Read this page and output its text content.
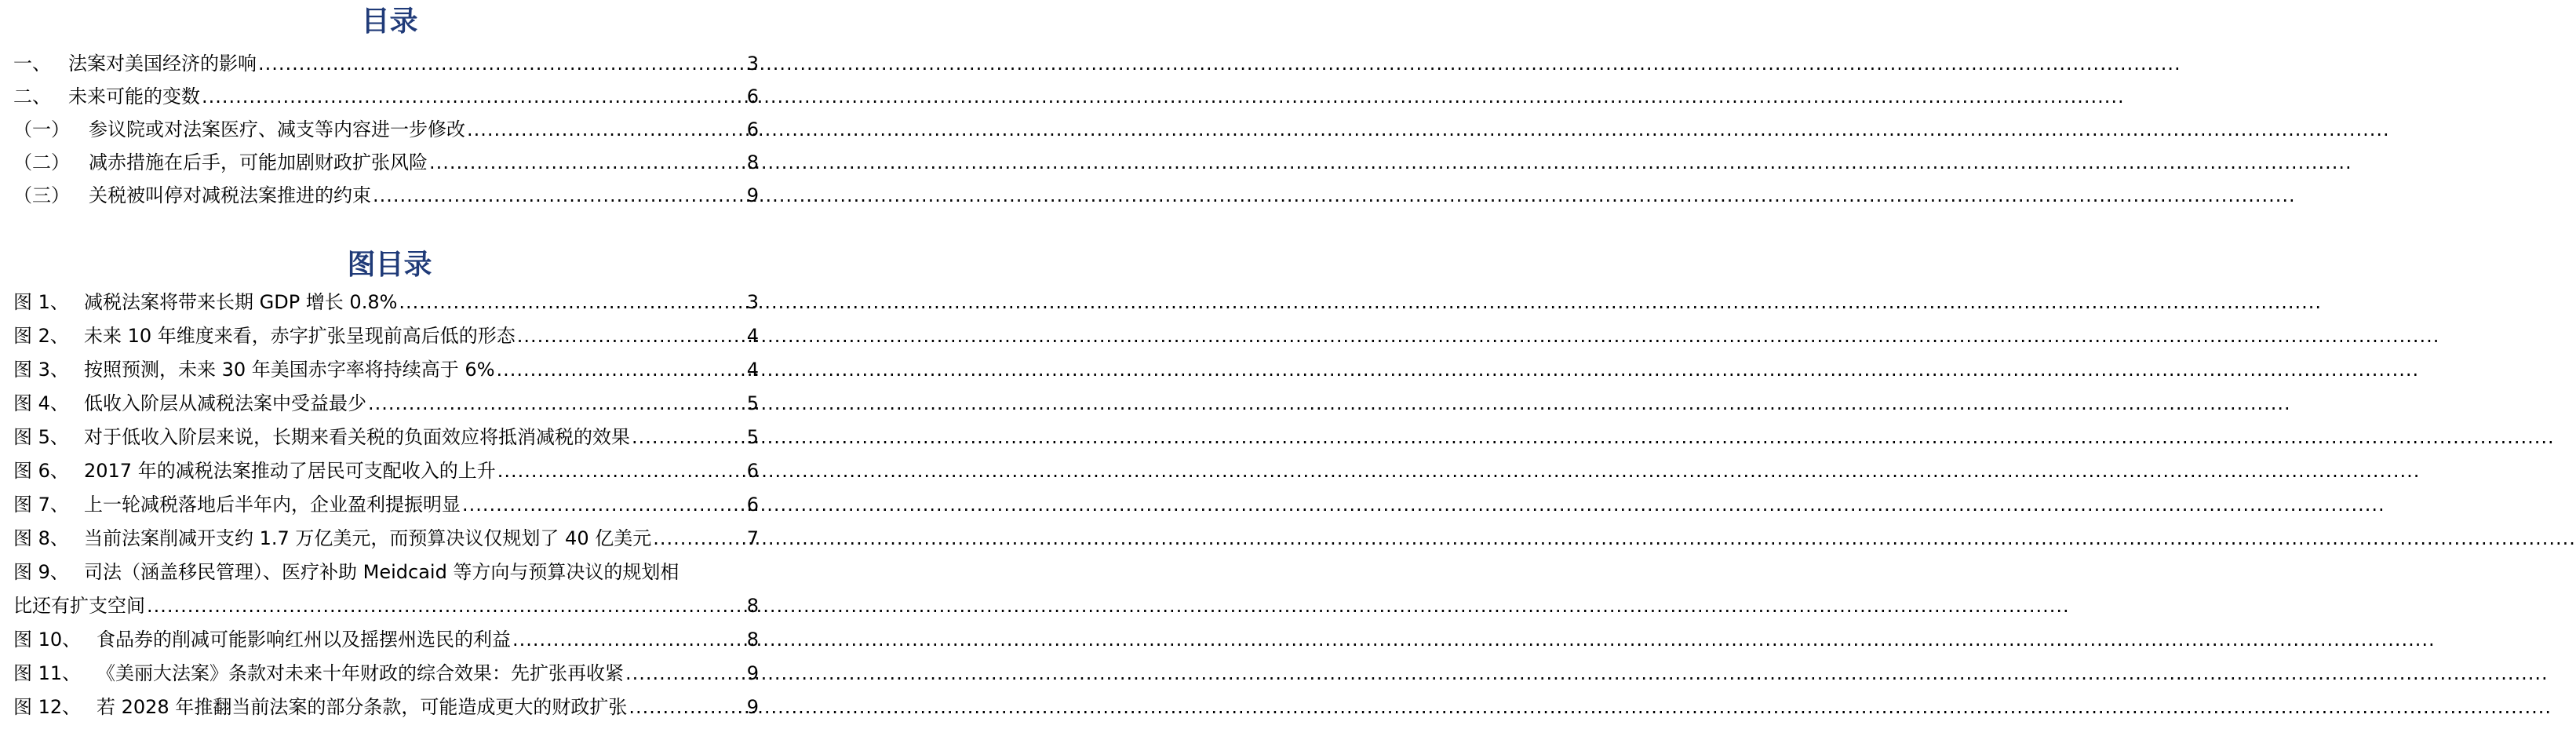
目录
一、 法案对美国经济的影响 .....	3
二、 未来可能的变数 .....	6
（一）	参议院或对法案医疗、减支等内容进一步修改 .....	6
（二）	减赤措施在后手，可能加剧财政扩张风险 .....	8
（三）	关税被叫停对减税法案推进的约束 .....	9
图目录
图 1、 减税法案将带来长期 GDP 增长 0.8% .....	3
图 2、 未来 10 年维度来看，赤字扩张呈现前高后低的形态 .....	4
图 3、 按照预测，未来 30 年美国赤字率将持续高于 6% .....	4
图 4、 低收入阶层从减税法案中受益最少 .....	5
图 5、 对于低收入阶层来说，长期来看关税的负面效应将抵消减税的效果 .....	5
图 6、 2017 年的减税法案推动了居民可支配收入的上升 .....	6
图 7、 上一轮减税落地后半年内，企业盈利提振明显 .....	6
图 8、 当前法案削减开支约 1.7 万亿美元，而预算决议仅规划了 40 亿美元 .....	7
图 9、 司法（涵盖移民管理）、医疗补助 Meidcaid 等方向与预算决议的规划相
比还有扩支空间 .....	8
图 10、 食品券的削减可能影响红州以及摇摆州选民的利益 .....	8
图 11、 《美丽大法案》条款对未来十年财政的综合效果：先扩张再收紧 .....	9
图 12、 若 2028 年推翻当前法案的部分条款，可能造成更大的财政扩张 .....	9
